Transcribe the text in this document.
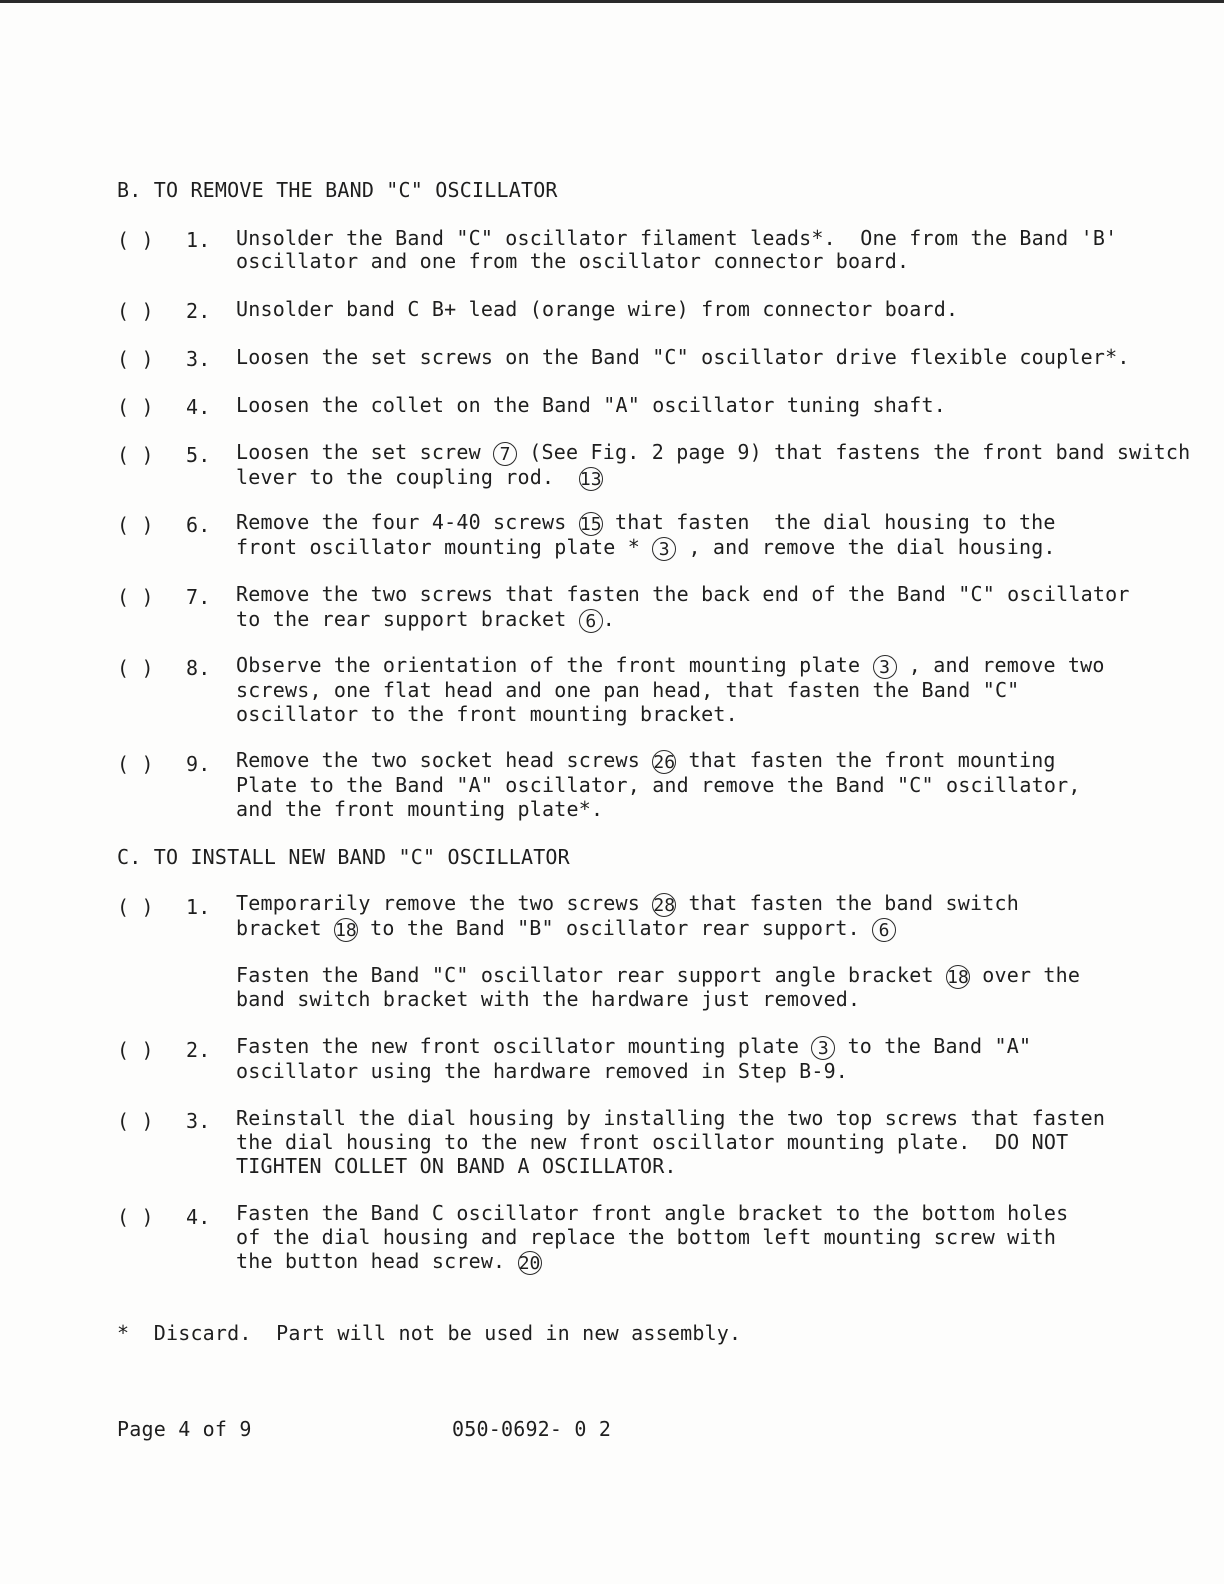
B. TO REMOVE THE BAND "C" OSCILLATOR
( ) 1. Unsolder the Band "C" oscillator filament leads*.  One from the Band 'B'
oscillator and one from the oscillator connector board.
( ) 2. Unsolder band C B+ lead (orange wire) from connector board.
( ) 3. Loosen the set screws on the Band "C" oscillator drive flexible coupler*.
( ) 4. Loosen the collet on the Band "A" oscillator tuning shaft.
( ) 5. Loosen the set screw 7 (See Fig. 2 page 9) that fastens the front band switch
lever to the coupling rod.  13
( ) 6. Remove the four 4-40 screws 15 that fasten  the dial housing to the
front oscillator mounting plate * 3 , and remove the dial housing.
( ) 7. Remove the two screws that fasten the back end of the Band "C" oscillator
to the rear support bracket 6 .
( ) 8. Observe the orientation of the front mounting plate 3 , and remove two
screws, one flat head and one pan head, that fasten the Band "C"
oscillator to the front mounting bracket.
( ) 9. Remove the two socket head screws 26 that fasten the front mounting
Plate to the Band "A" oscillator, and remove the Band "C" oscillator,
and the front mounting plate*.
C. TO INSTALL NEW BAND "C" OSCILLATOR
( ) 1. Temporarily remove the two screws 28 that fasten the band switch
bracket 18 to the Band "B" oscillator rear support. 6
Fasten the Band "C" oscillator rear support angle bracket 18 over the
band switch bracket with the hardware just removed.
( ) 2. Fasten the new front oscillator mounting plate 3 to the Band "A"
oscillator using the hardware removed in Step B-9.
( ) 3. Reinstall the dial housing by installing the two top screws that fasten
the dial housing to the new front oscillator mounting plate.  DO NOT
TIGHTEN COLLET ON BAND A OSCILLATOR.
( ) 4. Fasten the Band C oscillator front angle bracket to the bottom holes
of the dial housing and replace the bottom left mounting screw with
the button head screw. 20
*  Discard.  Part will not be used in new assembly.
Page 4 of 9	050-0692- 0 2
